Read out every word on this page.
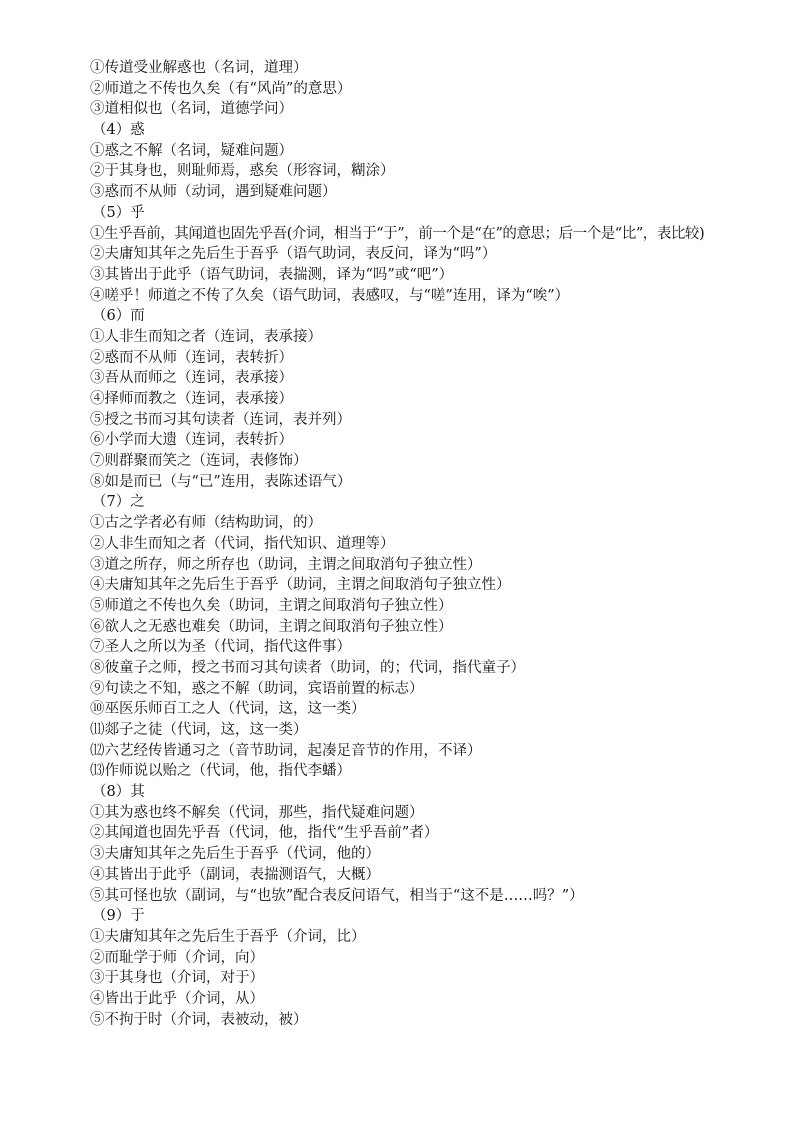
①传道受业解惑也（名词，道理）
②师道之不传也久矣（有“风尚”的意思）
③道相似也（名词，道德学问）
（4）惑
①惑之不解（名词，疑难问题）
②于其身也，则耻师焉，惑矣（形容词，糊涂）
③惑而不从师（动词，遇到疑难问题）
（5）乎
①生乎吾前，其闻道也固先乎吾(介词，相当于“于”，前一个是“在”的意思；后一个是“比”，表比较)
②夫庸知其年之先后生于吾乎（语气助词，表反问，译为“吗”）
③其皆出于此乎（语气助词，表揣测，译为“吗”或“吧”）
④嗟乎！师道之不传了久矣（语气助词，表感叹，与“嗟”连用，译为“唉”）
（6）而
①人非生而知之者（连词，表承接）
②惑而不从师（连词，表转折）
③吾从而师之（连词，表承接）
④择师而教之（连词，表承接）
⑤授之书而习其句读者（连词，表并列）
⑥小学而大遗（连词，表转折）
⑦则群聚而笑之（连词，表修饰）
⑧如是而已（与“已”连用，表陈述语气）
（7）之
①古之学者必有师（结构助词，的）
②人非生而知之者（代词，指代知识、道理等）
③道之所存，师之所存也（助词，主谓之间取消句子独立性）
④夫庸知其年之先后生于吾乎（助词，主谓之间取消句子独立性）
⑤师道之不传也久矣（助词，主谓之间取消句子独立性）
⑥欲人之无惑也难矣（助词，主谓之间取消句子独立性）
⑦圣人之所以为圣（代词，指代这件事）
⑧彼童子之师，授之书而习其句读者（助词，的；代词，指代童子）
⑨句读之不知，惑之不解（助词，宾语前置的标志）
⑩巫医乐师百工之人（代词，这，这一类）
⑾郯子之徒（代词，这，这一类）
⑿六艺经传皆通习之（音节助词，起凑足音节的作用，不译）
⒀作师说以贻之（代词，他，指代李蟠）
（8）其
①其为惑也终不解矣（代词，那些，指代疑难问题）
②其闻道也固先乎吾（代词，他，指代“生乎吾前”者）
③夫庸知其年之先后生于吾乎（代词，他的）
④其皆出于此乎（副词，表揣测语气，大概）
⑤其可怪也欤（副词，与“也欤”配合表反问语气，相当于“这不是……吗？”）
（9）于
①夫庸知其年之先后生于吾乎（介词，比）
②而耻学于师（介词，向）
③于其身也（介词，对于）
④皆出于此乎（介词，从）
⑤不拘于时（介词，表被动，被）
